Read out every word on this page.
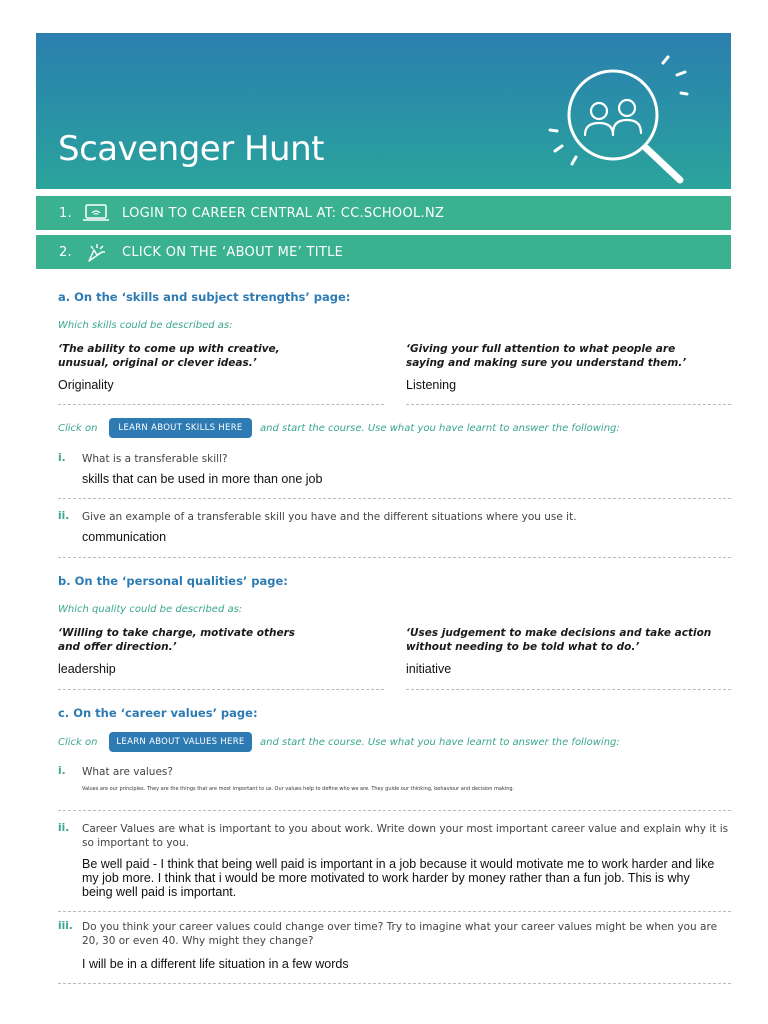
Scavenger Hunt
1.	LOGIN TO CAREER CENTRAL AT: CC.SCHOOL.NZ
2.	CLICK ON THE ‘ABOUT ME’ TITLE
a. On the ‘skills and subject strengths’ page:
Which skills could be described as:
‘The ability to come up with creative, unusual, original or clever ideas.’
Originality
‘Giving your full attention to what people are saying and making sure you understand them.’
Listening
Click on	LEARN ABOUT SKILLS HERE	and start the course. Use what you have learnt to answer the following:
i. What is a transferable skill?
skills that can be used in more than one job
ii. Give an example of a transferable skill you have and the different situations where you use it.
communication
b. On the ‘personal qualities’ page:
Which quality could be described as:
‘Willing to take charge, motivate others and offer direction.’
leadership
‘Uses judgement to make decisions and take action without needing to be told what to do.’
initiative
c. On the ‘career values’ page:
Click on	LEARN ABOUT VALUES HERE	and start the course. Use what you have learnt to answer the following:
i. What are values?
Values are our principles. They are the things that are most important to us. Our values help to define who we are. They guide our thinking, behaviour and decision making.
ii. Career Values are what is important to you about work. Write down your most important career value and explain why it is so important to you.
Be well paid - I think that being well paid is important in a job because it would motivate me to work harder and like my job more. I think that i would be more motivated to work harder by money rather than a fun job. This is why being well paid is important.
iii. Do you think your career values could change over time? Try to imagine what your career values might be when you are 20, 30 or even 40. Why might they change?
I will be in a different life situation in a few words
